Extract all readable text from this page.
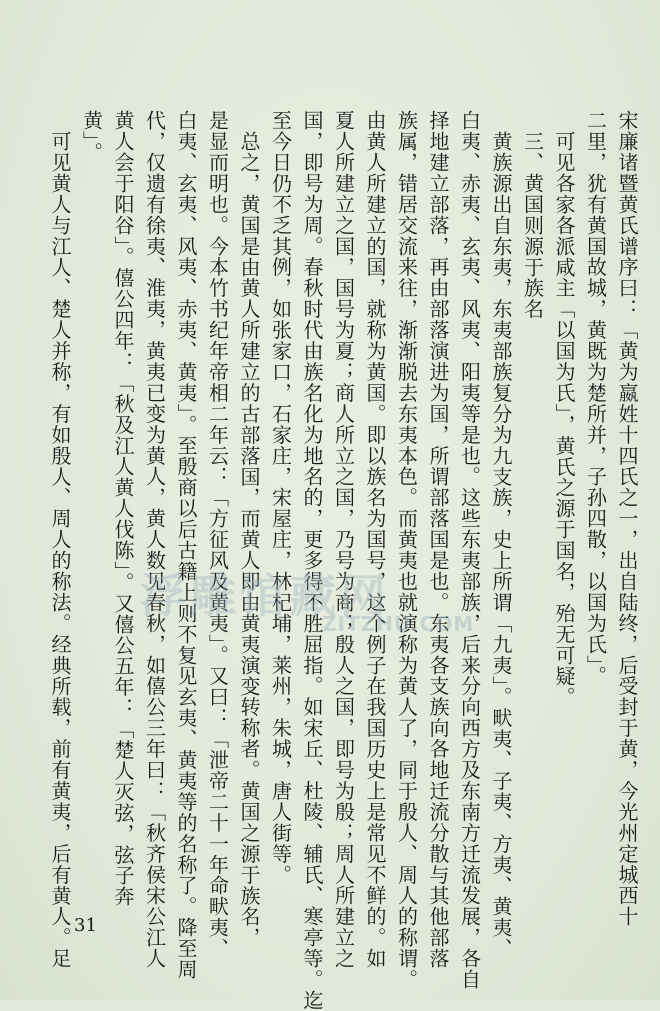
宋廉诸暨黄氏谱序曰：「黄为嬴姓十四氏之一，出自陆终，后受封于黄，今光州定城西十
二里，犹有黄国故城，黄既为楚所并，子孙四散，以国为氏」。
可见各家各派咸主「以国为氏」，黄氏之源于国名，殆无可疑。
三、黄国则源于族名
黄族源出自东夷，东夷部族复分为九支族，史上所谓「九夷」。畎夷、子夷、方夷、黄夷、
白夷、赤夷、玄夷、风夷、阳夷等是也。这些东夷部族，后来分向西方及东南方迁流发展，各自
择地建立部落，再由部落演进为国，所谓部落国是也。东夷各支族向各地迁流分散与其他部落
族属，错居交流来往，渐渐脱去东夷本色。而黄夷也就演称为黄人了，同于殷人、周人的称谓。
由黄人所建立的国，就称为黄国。即以族名为国号，这个例子在我国历史上是常见不鲜的。如
夏人所建立之国，国号为夏；商人所立之国，乃号为商；殷人之国，即号为殷；周人所建立之
国，即号为周。春秋时代由族名化为地名的，更多得不胜屈指。如宋丘、杜陵、辅氏、寒亭等。迄
至今日仍不乏其例，如张家口，石家庄，宋屋庄，林杞埔，莱州，朱城，唐人街等。
总之，黄国是由黄人所建立的古部落国，而黄人即由黄夷演变转称者。黄国之源于族名，
是显而明也。今本竹书纪年帝相二年云：「方征风及黄夷」。又曰：「泄帝二十一年命畎夷、
白夷、玄夷、风夷、赤夷、黄夷」。至殷商以后古籍上则不复见玄夷、黄夷等的名称了。降至周
代，仅遗有徐夷、淮夷，黄夷已变为黄人，黄人数见春秋，如僖公三年曰：「秋齐侯宋公江人
黄人会于阳谷」。僖公四年：「秋及江人黄人伐陈」。又僖公五年：「楚人灭弦，弦子奔
黄」。
可见黄人与江人、楚人并称，有如殷人、周人的称法。经典所载，前有黄夷，后有黄人。足 浮雕馆藏网
ZITZHU.COM
31
